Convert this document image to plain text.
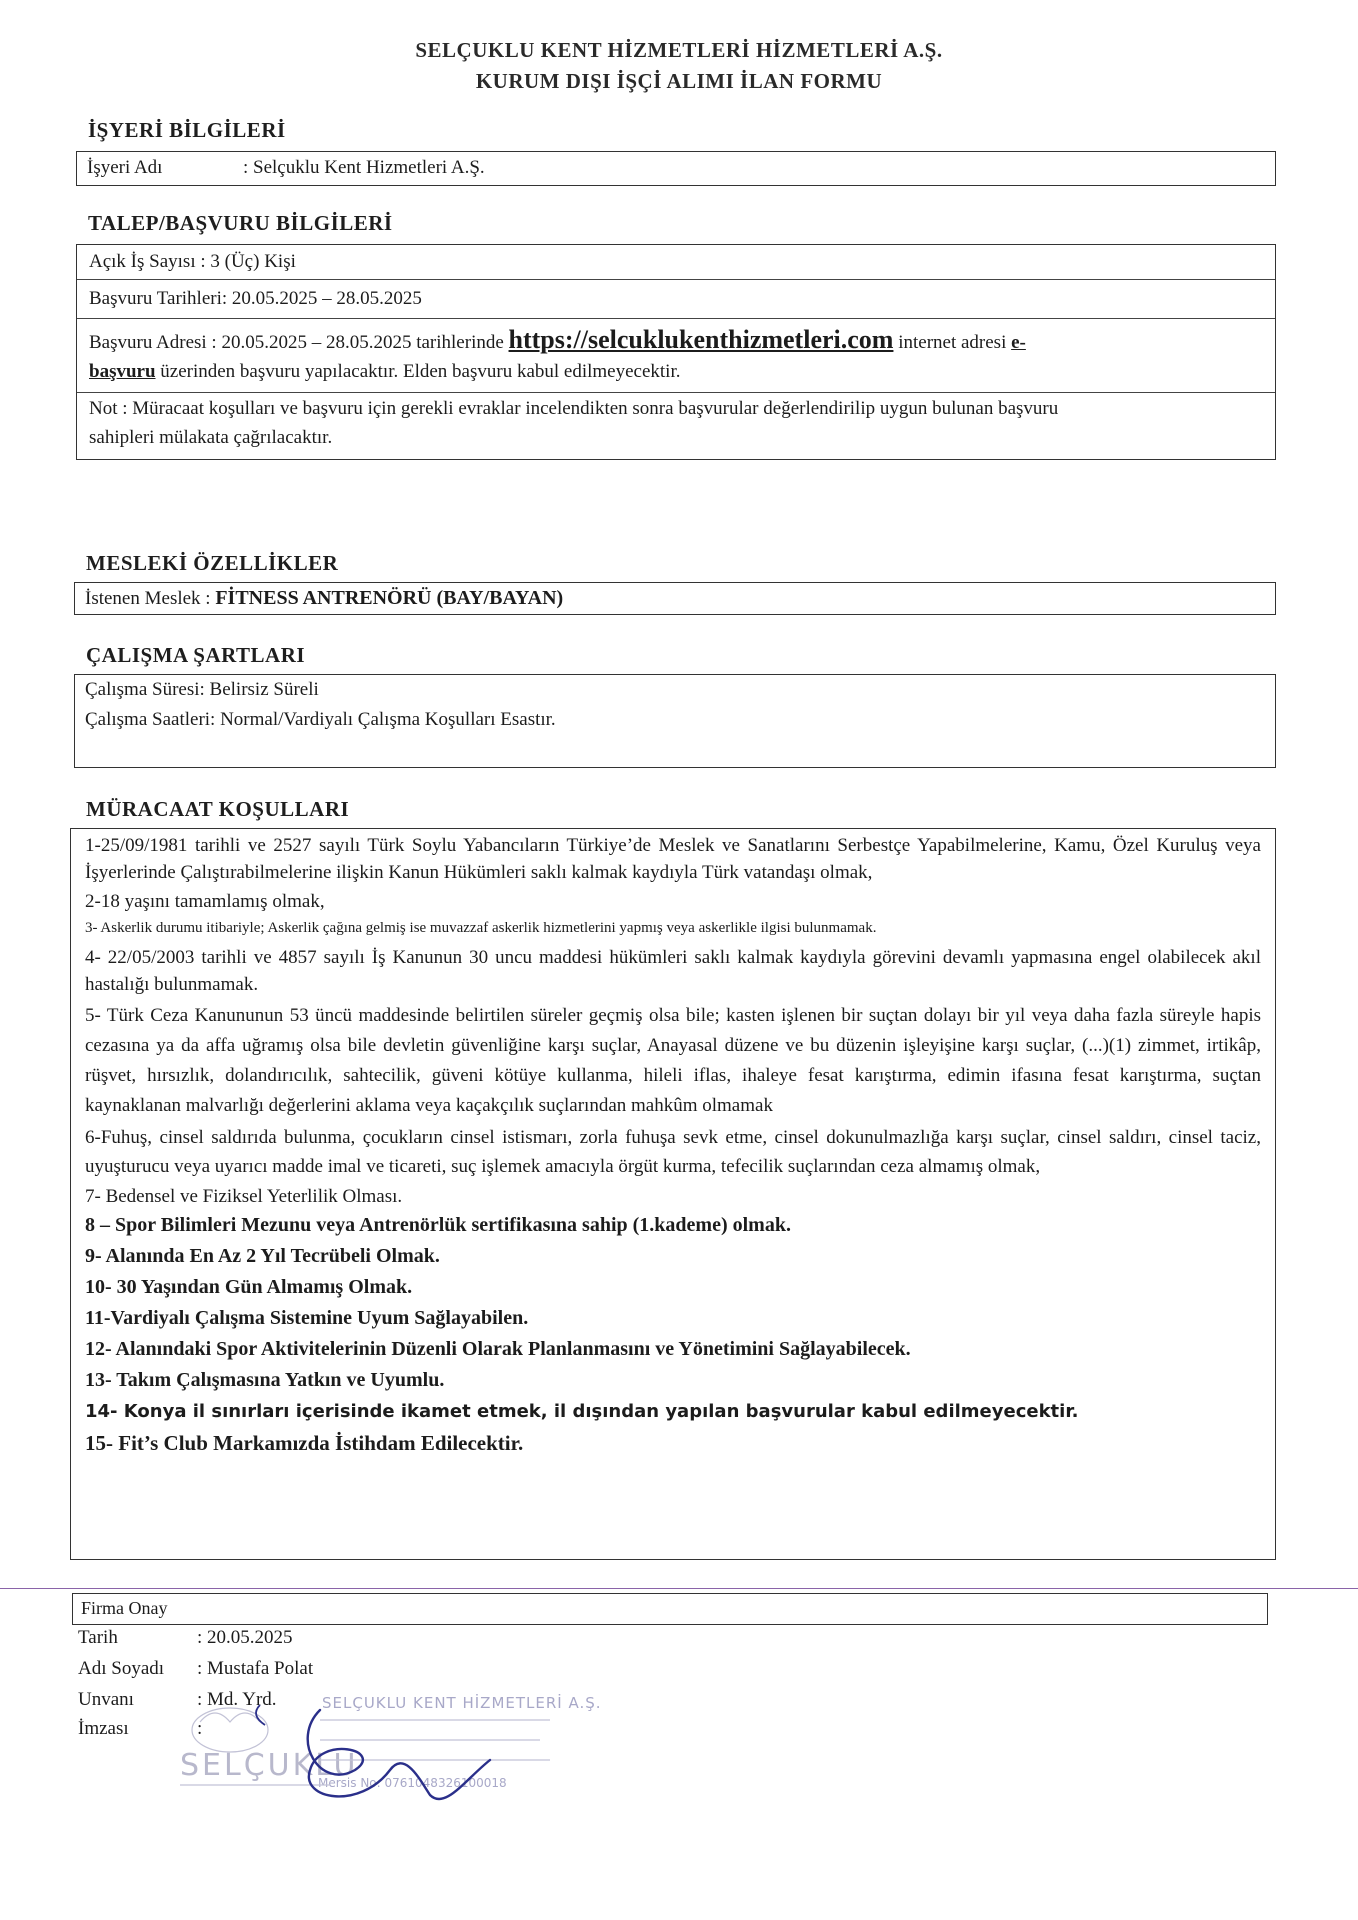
SELÇUKLU KENT HİZMETLERİ HİZMETLERİ A.Ş.
KURUM DIŞI İŞÇİ ALIMI İLAN FORMU
İŞYERİ BİLGİLERİ
İşyeri Adı	: Selçuklu Kent Hizmetleri A.Ş.
TALEP/BAŞVURU BİLGİLERİ
Açık İş Sayısı : 3 (Üç) Kişi
Başvuru Tarihleri: 20.05.2025 – 28.05.2025
Başvuru Adresi : 20.05.2025 – 28.05.2025 tarihlerinde https://selcuklukenthizmetleri.com internet adresi e-
başvuru üzerinden başvuru yapılacaktır. Elden başvuru kabul edilmeyecektir.
Not : Müracaat koşulları ve başvuru için gerekli evraklar incelendikten sonra başvurular değerlendirilip uygun bulunan başvuru
sahipleri mülakata çağrılacaktır.
MESLEKİ ÖZELLİKLER
İstenen Meslek : FİTNESS ANTRENÖRÜ (BAY/BAYAN)
ÇALIŞMA ŞARTLARI
Çalışma Süresi: Belirsiz Süreli
Çalışma Saatleri: Normal/Vardiyalı Çalışma Koşulları Esastır.
MÜRACAAT KOŞULLARI

1-25/09/1981 tarihli ve 2527 sayılı Türk Soylu Yabancıların Türkiye’de Meslek ve Sanatlarını Serbestçe Yapabilmelerine, Kamu, Özel Kuruluş veya İşyerlerinde Çalıştırabilmelerine ilişkin Kanun Hükümleri saklı kalmak kaydıyla Türk vatandaşı olmak,

2-18 yaşını tamamlamış olmak,

3- Askerlik durumu itibariyle; Askerlik çağına gelmiş ise muvazzaf askerlik hizmetlerini yapmış veya askerlikle ilgisi bulunmamak.

4- 22/05/2003 tarihli ve 4857 sayılı İş Kanunun 30 uncu maddesi hükümleri saklı kalmak kaydıyla görevini devamlı yapmasına engel olabilecek akıl hastalığı bulunmamak.

5- Türk Ceza Kanununun 53 üncü maddesinde belirtilen süreler geçmiş olsa bile; kasten işlenen bir suçtan dolayı bir yıl veya daha fazla süreyle hapis cezasına ya da affa uğramış olsa bile devletin güvenliğine karşı suçlar, Anayasal düzene ve bu düzenin işleyişine karşı suçlar, (...)(1) zimmet, irtikâp, rüşvet, hırsızlık, dolandırıcılık, sahtecilik, güveni kötüye kullanma, hileli iflas, ihaleye fesat karıştırma, edimin ifasına fesat karıştırma, suçtan kaynaklanan malvarlığı değerlerini aklama veya kaçakçılık suçlarından mahkûm olmamak

6-Fuhuş, cinsel saldırıda bulunma, çocukların cinsel istismarı, zorla fuhuşa sevk etme, cinsel dokunulmazlığa karşı suçlar, cinsel saldırı, cinsel taciz, uyuşturucu veya uyarıcı madde imal ve ticareti, suç işlemek amacıyla örgüt kurma, tefecilik suçlarından ceza almamış olmak,

7- Bedensel ve Fiziksel Yeterlilik Olması.

8 – Spor Bilimleri Mezunu veya Antrenörlük sertifikasına sahip (1.kademe) olmak.

9- Alanında En Az 2 Yıl Tecrübeli Olmak.

10- 30 Yaşından Gün Almamış Olmak.

11-Vardiyalı Çalışma Sistemine Uyum Sağlayabilen.

12- Alanındaki Spor Aktivitelerinin Düzenli Olarak Planlanmasını ve Yönetimini Sağlayabilecek.

13- Takım Çalışmasına Yatkın ve Uyumlu.

14- Konya il sınırları içerisinde ikamet etmek, il dışından yapılan başvurular kabul edilmeyecektir.

15- Fit’s Club Markamızda İstihdam Edilecektir.

Firma Onay
Tarih	: 20.05.2025
Adı Soyadı : Mustafa Polat
Unvanı	: Md. Yrd.
İmzası	:
SELÇUKLU KENT HİZMETLERİ A.Ş.
SELÇUKLU
Mersis No: 0761048326100018
